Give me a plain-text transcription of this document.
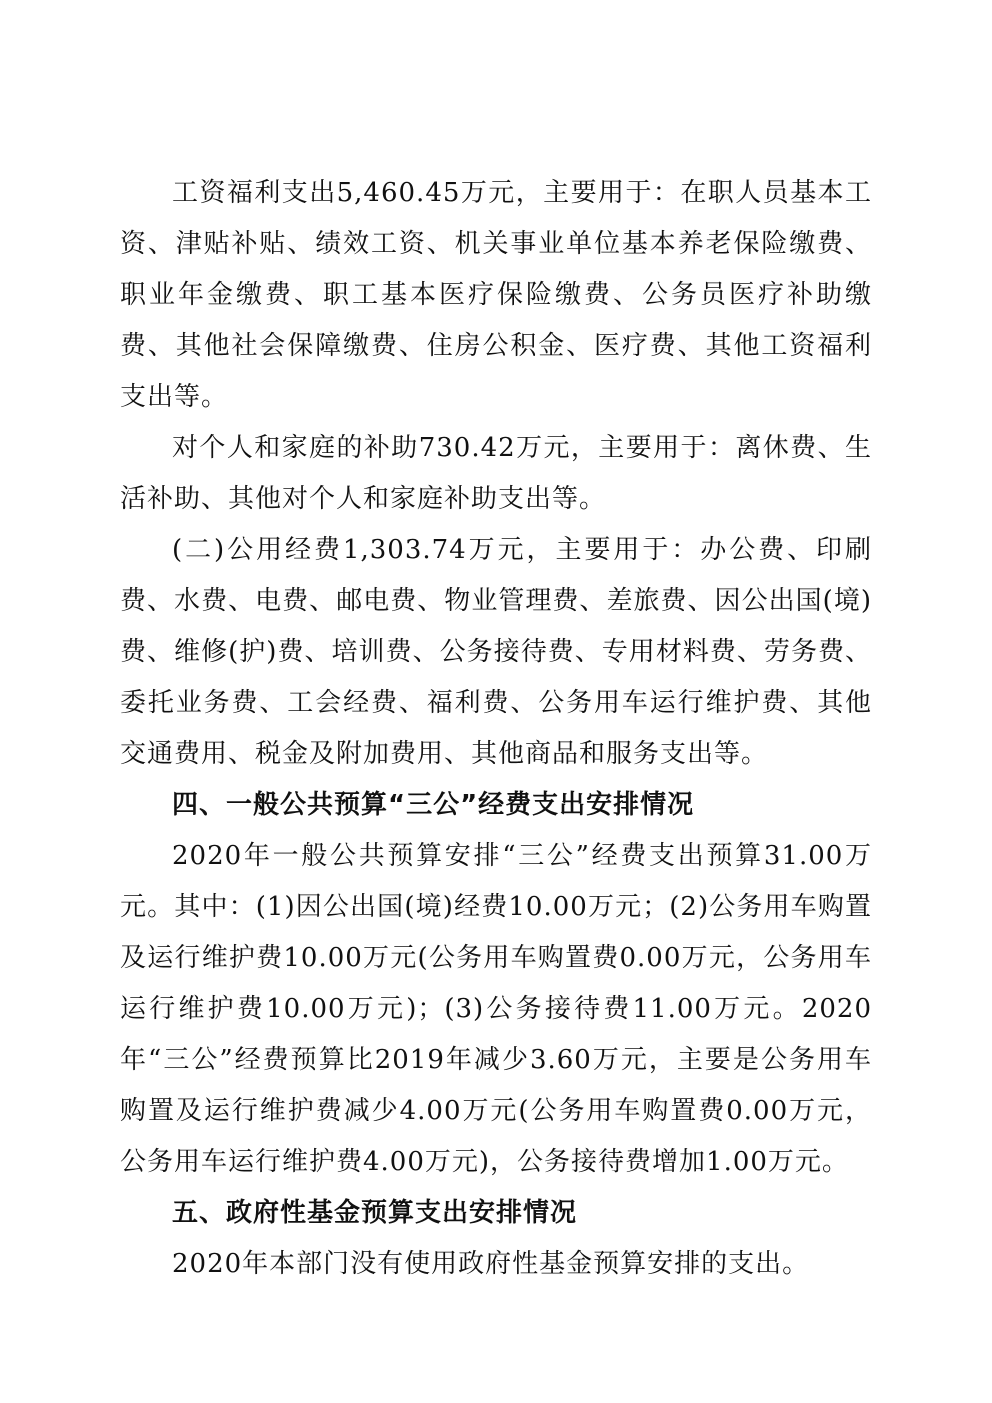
工资福利支出5,460.45万元，主要用于：在职人员基本工资、津贴补贴、绩效工资、机关事业单位基本养老保险缴费、职业年金缴费、职工基本医疗保险缴费、公务员医疗补助缴费、其他社会保障缴费、住房公积金、医疗费、其他工资福利支出等。

对个人和家庭的补助730.42万元，主要用于：离休费、生活补助、其他对个人和家庭补助支出等。

(二)公用经费1,303.74万元，主要用于：办公费、印刷费、水费、电费、邮电费、物业管理费、差旅费、因公出国(境)费、维修(护)费、培训费、公务接待费、专用材料费、劳务费、委托业务费、工会经费、福利费、公务用车运行维护费、其他交通费用、税金及附加费用、其他商品和服务支出等。

四、一般公共预算“三公”经费支出安排情况

2020年一般公共预算安排“三公”经费支出预算31.00万元。其中：(1)因公出国(境)经费10.00万元；(2)公务用车购置及运行维护费10.00万元(公务用车购置费0.00万元，公务用车运行维护费10.00万元)；(3)公务接待费11.00万元。2020年“三公”经费预算比2019年减少3.60万元，主要是公务用车购置及运行维护费减少4.00万元(公务用车购置费0.00万元，公务用车运行维护费4.00万元)，公务接待费增加1.00万元。

五、政府性基金预算支出安排情况

2020年本部门没有使用政府性基金预算安排的支出。
